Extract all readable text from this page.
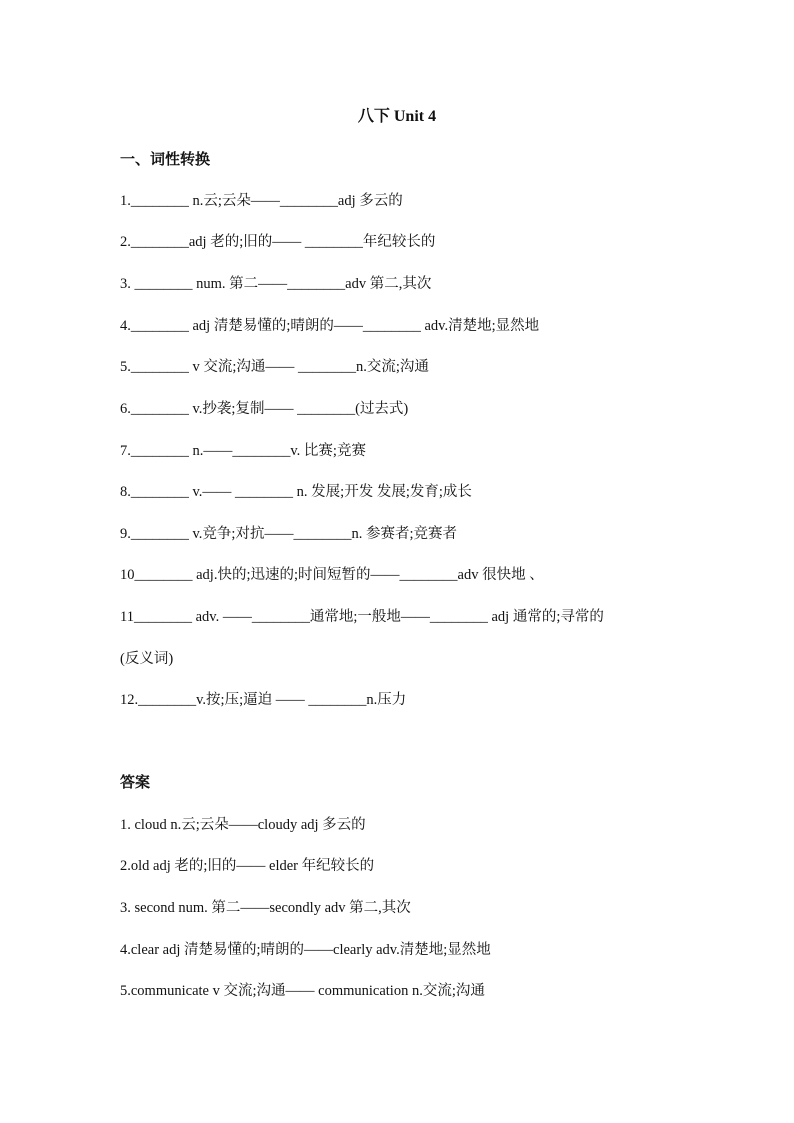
八下 Unit 4
一、词性转换
1.________ n.云;云朵——________adj 多云的
2.________adj 老的;旧的—— ________年纪较长的
3. ________ num. 第二——________adv 第二,其次
4.________ adj 清楚易懂的;晴朗的——________ adv.清楚地;显然地
5.________ v 交流;沟通—— ________n.交流;沟通
6.________ v.抄袭;复制—— ________(过去式)
7.________ n.——________v. 比赛;竞赛
8.________ v.—— ________ n. 发展;开发 发展;发育;成长
9.________ v.竞争;对抗——________n. 参赛者;竞赛者
10________ adj.快的;迅速的;时间短暂的——________adv 很快地 、
11________ adv. ——________通常地;一般地——________ adj 通常的;寻常的
(反义词)
12.________v.按;压;逼迫 —— ________n.压力
答案
1. cloud n.云;云朵——cloudy adj 多云的
2.old adj 老的;旧的—— elder 年纪较长的
3. second num. 第二——secondly adv 第二,其次
4.clear adj 清楚易懂的;晴朗的——clearly adv.清楚地;显然地
5.communicate v 交流;沟通—— communication n.交流;沟通
